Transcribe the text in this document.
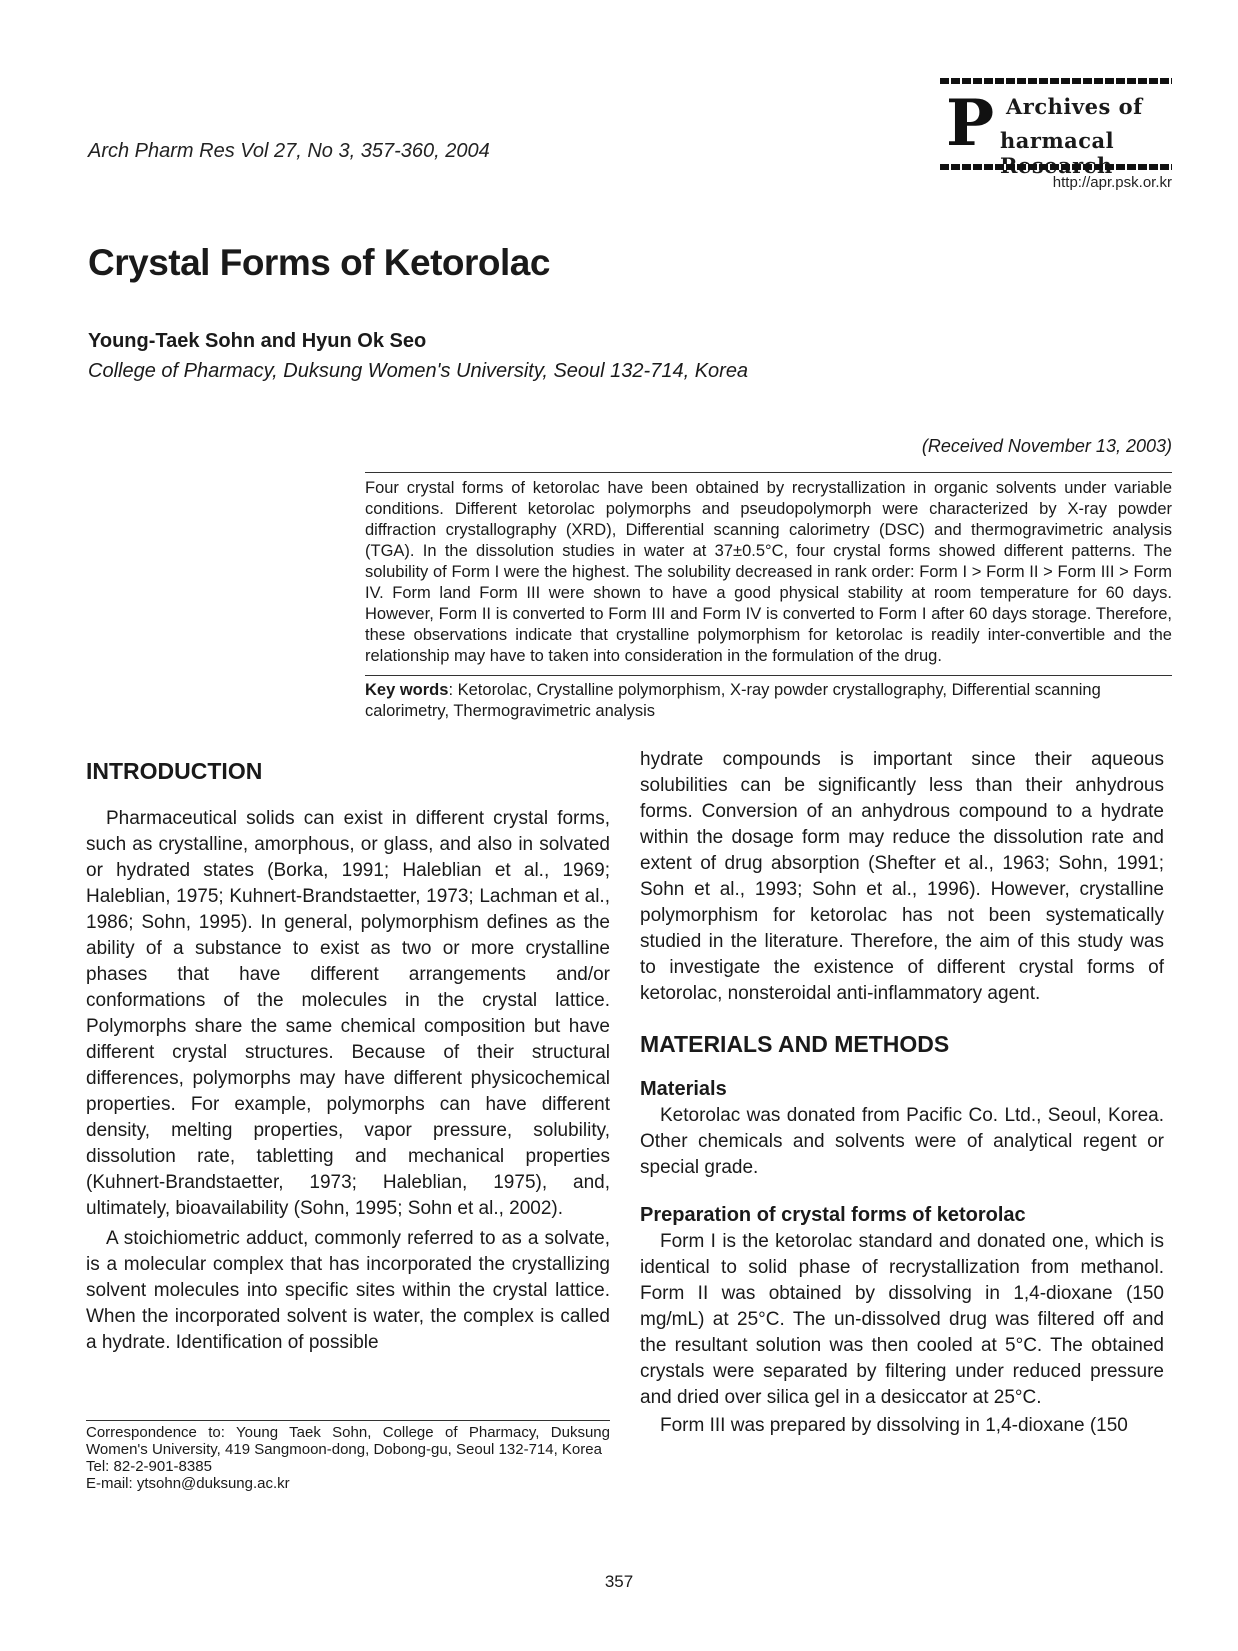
Arch Pharm Res Vol 27, No 3, 357-360, 2004	P Archives of
harmacal
http://apr.psk.or.kr
Crystal Forms of Ketorolac
Young-Taek Sohn and Hyun Ok Seo
College of Pharmacy, Duksung Women's University, Seoul 132-714, Korea
(Received November 13, 2003)
Four crystal forms of ketorolac have been obtained by recrystallization in organic solvents under variable conditions. Different ketorolac polymorphs and pseudopolymorph were characterized by X-ray powder diffraction crystallography (XRD), Differential scanning calorimetry (DSC) and thermogravimetric analysis (TGA). In the dissolution studies in water at 37±0.5°C, four crystal forms showed different patterns. The solubility of Form I were the highest. The solubility decreased in rank order: Form I > Form II > Form III > Form IV. Form land Form III were shown to have a good physical stability at room temperature for 60 days. However, Form II is converted to Form III and Form IV is converted to Form I after 60 days storage. Therefore, these observations indicate that crystalline polymorphism for ketorolac is readily inter-convertible and the relationship may have to taken into consideration in the formulation of the drug.
Key words: Ketorolac, Crystalline polymorphism, X-ray powder crystallography, Differential scanning calorimetry, Thermogravimetric analysis
INTRODUCTION

Pharmaceutical solids can exist in different crystal forms, such as crystalline, amorphous, or glass, and also in solvated or hydrated states (Borka, 1991; Haleblian et al., 1969; Haleblian, 1975; Kuhnert-Brandstaetter, 1973; Lachman et al., 1986; Sohn, 1995). In general, polymorphism defines as the ability of a substance to exist as two or more crystalline phases that have different arrangements and/or conformations of the molecules in the crystal lattice. Polymorphs share the same chemical composition but have different crystal structures. Because of their structural differences, polymorphs may have different physicochemical properties. For example, polymorphs can have different density, melting properties, vapor pressure, solubility, dissolution rate, tabletting and mechanical properties (Kuhnert-Brandstaetter, 1973; Haleblian, 1975), and, ultimately, bioavailability (Sohn, 1995; Sohn et al., 2002).

A stoichiometric adduct, commonly referred to as a solvate, is a molecular complex that has incorporated the crystallizing solvent molecules into specific sites within the crystal lattice. When the incorporated solvent is water, the complex is called a hydrate. Identification of possible

Correspondence to: Young Taek Sohn, College of Pharmacy, Duksung Women's University, 419 Sangmoon-dong, Dobong-gu, Seoul 132-714, Korea
Tel: 82-2-901-8385
E-mail: ytsohn@duksung.ac.kr

hydrate compounds is important since their aqueous solubilities can be significantly less than their anhydrous forms. Conversion of an anhydrous compound to a hydrate within the dosage form may reduce the dissolution rate and extent of drug absorption (Shefter et al., 1963; Sohn, 1991; Sohn et al., 1993; Sohn et al., 1996). However, crystalline polymorphism for ketorolac has not been systematically studied in the literature. Therefore, the aim of this study was to investigate the existence of different crystal forms of ketorolac, nonsteroidal anti-inflammatory agent.

MATERIALS AND METHODS
Materials

Ketorolac was donated from Pacific Co. Ltd., Seoul, Korea. Other chemicals and solvents were of analytical regent or special grade.

Preparation of crystal forms of ketorolac

Form I is the ketorolac standard and donated one, which is identical to solid phase of recrystallization from methanol. Form II was obtained by dissolving in 1,4-dioxane (150 mg/mL) at 25°C. The un-dissolved drug was filtered off and the resultant solution was then cooled at 5°C. The obtained crystals were separated by filtering under reduced pressure and dried over silica gel in a desiccator at 25°C.

Form III was prepared by dissolving in 1,4-dioxane (150

357
